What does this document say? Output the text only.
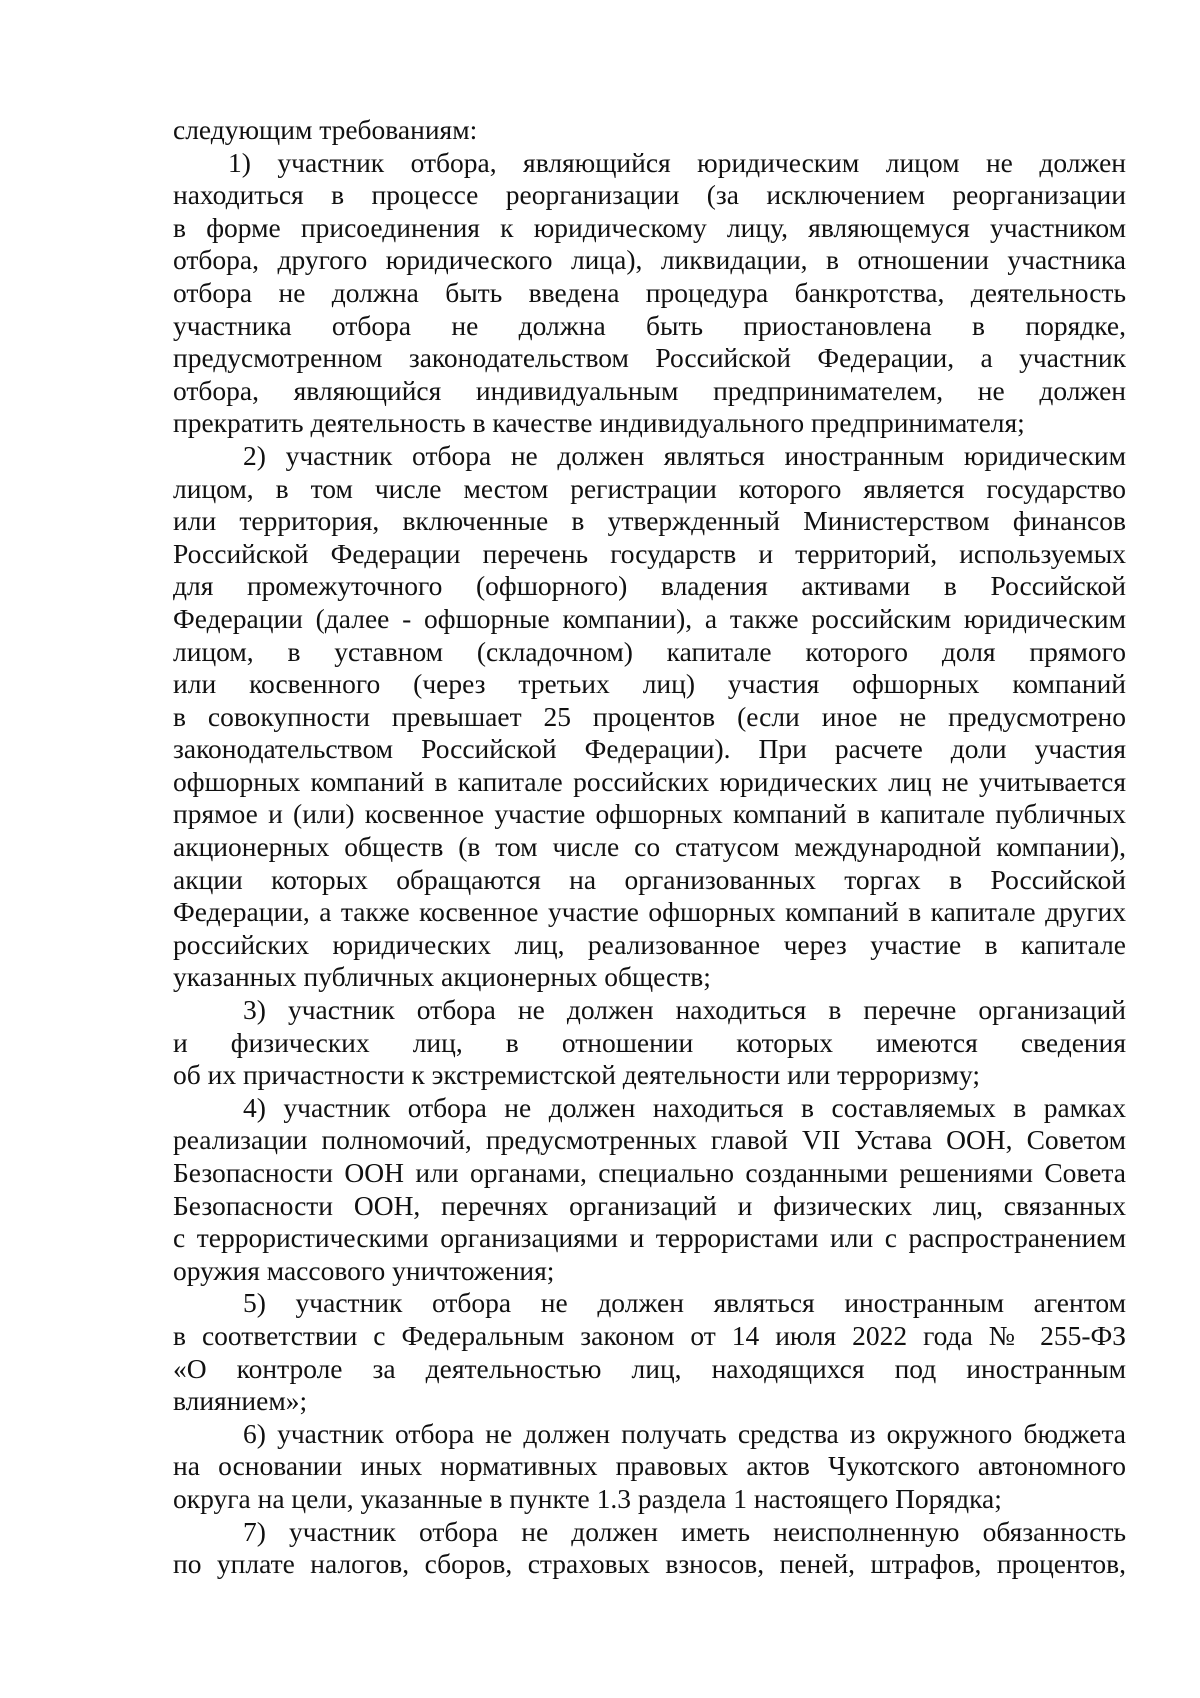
следующим требованиям:
1) участник отбора, являющийся юридическим лицом не должен
находиться в процессе реорганизации (за исключением реорганизации
в форме присоединения к юридическому лицу, являющемуся участником
отбора, другого юридического лица), ликвидации, в отношении участника
отбора не должна быть введена процедура банкротства, деятельность
участника отбора не должна быть приостановлена в порядке,
предусмотренном законодательством Российской Федерации, а участник
отбора, являющийся индивидуальным предпринимателем, не должен
прекратить деятельность в качестве индивидуального предпринимателя;
2) участник отбора не должен являться иностранным юридическим
лицом, в том числе местом регистрации которого является государство
или территория, включенные в утвержденный Министерством финансов
Российской Федерации перечень государств и территорий, используемых
для промежуточного (офшорного) владения активами в Российской
Федерации (далее - офшорные компании), а также российским юридическим
лицом, в уставном (складочном) капитале которого доля прямого
или косвенного (через третьих лиц) участия офшорных компаний
в совокупности превышает 25 процентов (если иное не предусмотрено
законодательством Российской Федерации). При расчете доли участия
офшорных компаний в капитале российских юридических лиц не учитывается
прямое и (или) косвенное участие офшорных компаний в капитале публичных
акционерных обществ (в том числе со статусом международной компании),
акции которых обращаются на организованных торгах в Российской
Федерации, а также косвенное участие офшорных компаний в капитале других
российских юридических лиц, реализованное через участие в капитале
указанных публичных акционерных обществ;
3) участник отбора не должен находиться в перечне организаций
и физических лиц, в отношении которых имеются сведения
об их причастности к экстремистской деятельности или терроризму;
4) участник отбора не должен находиться в составляемых в рамках
реализации полномочий, предусмотренных главой VII Устава ООН, Советом
Безопасности ООН или органами, специально созданными решениями Совета
Безопасности ООН, перечнях организаций и физических лиц, связанных
с террористическими организациями и террористами или с распространением
оружия массового уничтожения;
5) участник отбора не должен являться иностранным агентом
в соответствии с Федеральным законом от 14 июля 2022 года № 255-ФЗ
«О контроле за деятельностью лиц, находящихся под иностранным
влиянием»;
6) участник отбора не должен получать средства из окружного бюджета
на основании иных нормативных правовых актов Чукотского автономного
округа на цели, указанные в пункте 1.3 раздела 1 настоящего Порядка;
7) участник отбора не должен иметь неисполненную обязанность
по уплате налогов, сборов, страховых взносов, пеней, штрафов, процентов,
